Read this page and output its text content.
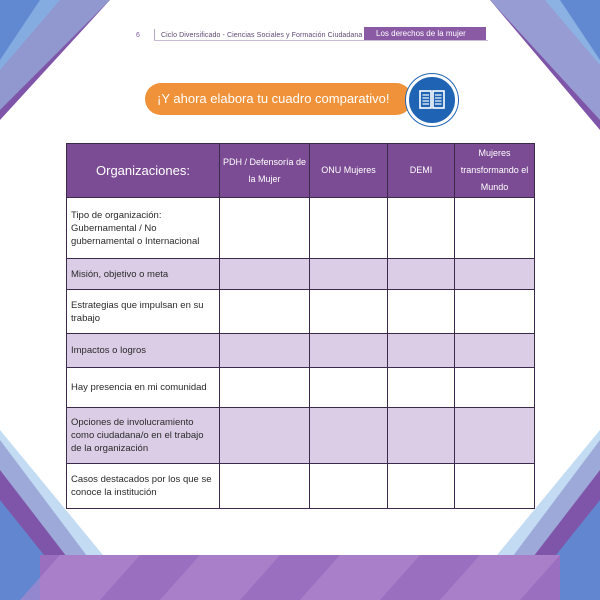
6	Ciclo Diversificado - Ciencias Sociales y Formación Ciudadana	Los derechos de la mujer
¡Y ahora elabora tu cuadro comparativo!
Organizaciones:	PDH / Defensoría de la Mujer	ONU Mujeres	DEMI	Mujeres transformando el Mundo
Tipo de organización: Gubernamental / No gubernamental o Internacional				
Misión, objetivo o meta				
Estrategias que impulsan en su trabajo				
Impactos o logros				
Hay presencia en mi comunidad				
Opciones de involucramiento como ciudadana/o en el trabajo de la organización				
Casos destacados por los que se conoce la institución				
